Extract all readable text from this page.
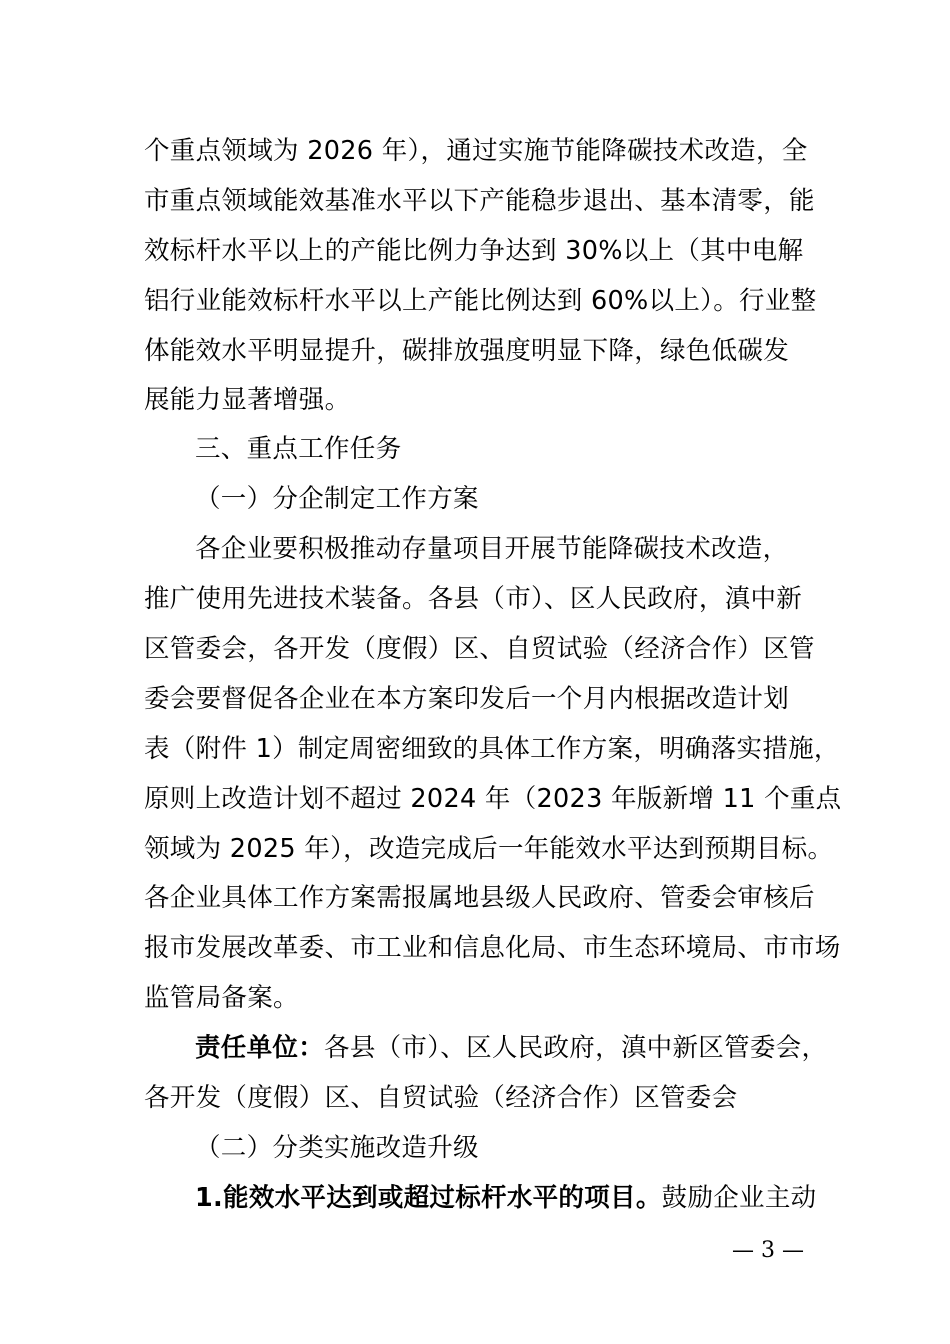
个重点领域为 2026 年），通过实施节能降碳技术改造，全
市重点领域能效基准水平以下产能稳步退出、基本清零，能
效标杆水平以上的产能比例力争达到 30%以上（其中电解
铝行业能效标杆水平以上产能比例达到 60%以上）。行业整
体能效水平明显提升，碳排放强度明显下降，绿色低碳发
展能力显著增强。
三、重点工作任务
（一）分企制定工作方案
各企业要积极推动存量项目开展节能降碳技术改造，
推广使用先进技术装备。各县（市）、区人民政府，滇中新
区管委会，各开发（度假）区、自贸试验（经济合作）区管
委会要督促各企业在本方案印发后一个月内根据改造计划
表（附件 1）制定周密细致的具体工作方案，明确落实措施，
原则上改造计划不超过 2024 年（2023 年版新增 11 个重点
领域为 2025 年），改造完成后一年能效水平达到预期目标。
各企业具体工作方案需报属地县级人民政府、管委会审核后
报市发展改革委、市工业和信息化局、市生态环境局、市市场
监管局备案。
责任单位：各县（市）、区人民政府，滇中新区管委会，
各开发（度假）区、自贸试验（经济合作）区管委会
（二）分类实施改造升级
1.能效水平达到或超过标杆水平的项目。鼓励企业主动
— 3 —
